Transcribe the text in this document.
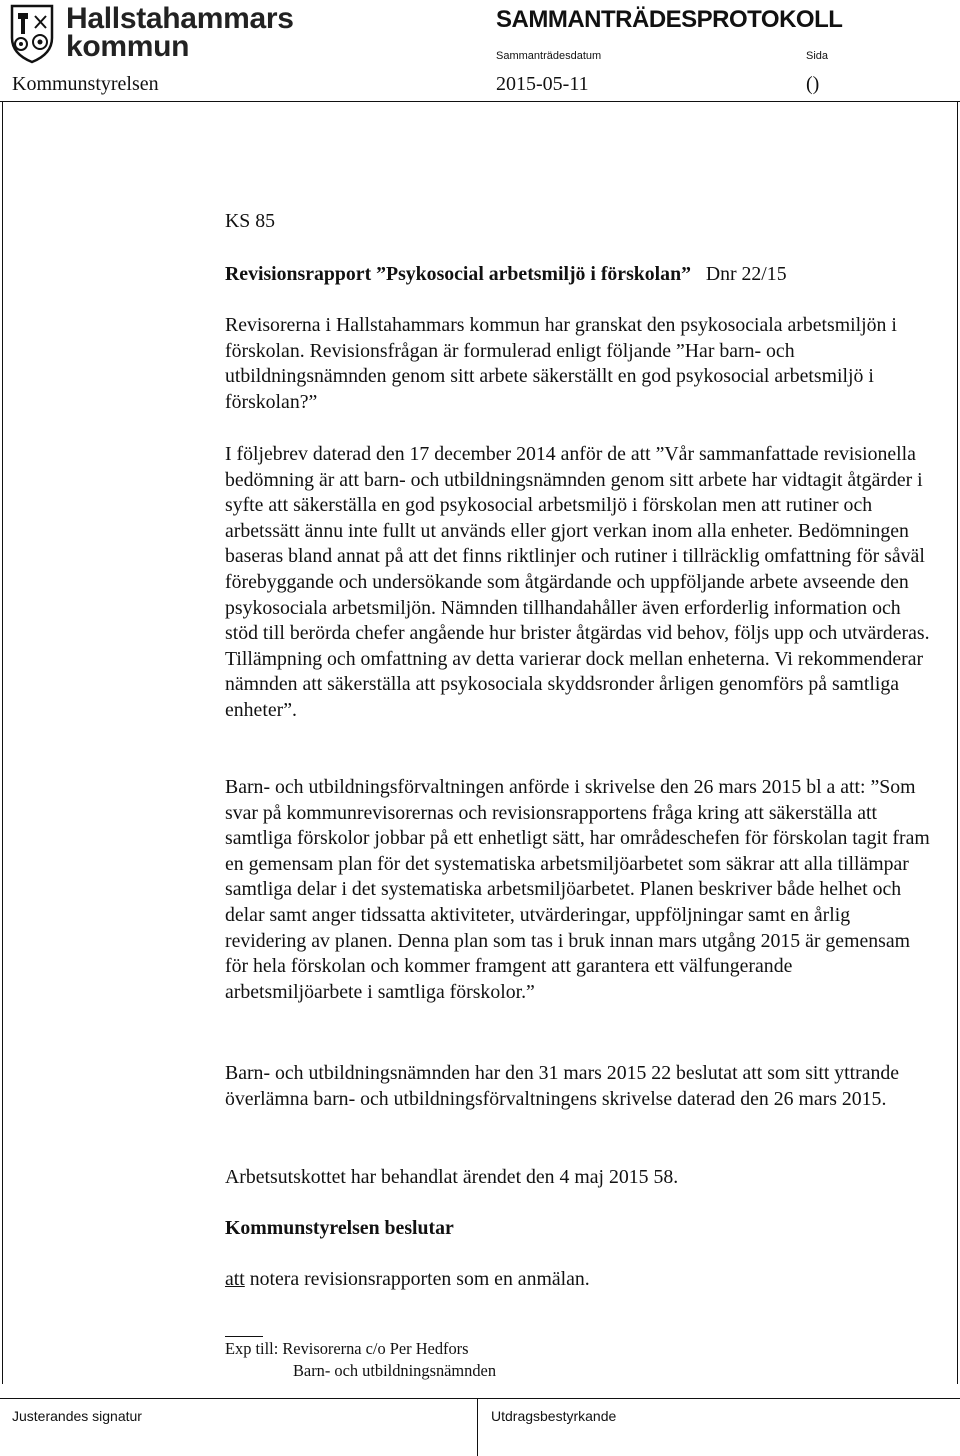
Hallstahammars
kommun
SAMMANTRÄDESPROTOKOLL
Sammanträdesdatum	Sida
Kommunstyrelsen	2015-05-11	()
KS 85
Revisionsrapport ”Psykosocial arbetsmiljö i förskolan” Dnr 22/15
Revisorerna i Hallstahammars kommun har granskat den psykosociala arbetsmiljön i förskolan. Revisionsfrågan är formulerad enligt följande ”Har barn- och utbildningsnämnden genom sitt arbete säkerställt en god psykosocial arbetsmiljö i förskolan?”
I följebrev daterad den 17 december 2014 anför de att ”Vår sammanfattade revisionella bedömning är att barn- och utbildningsnämnden genom sitt arbete har vidtagit åtgärder i syfte att säkerställa en god psykosocial arbetsmiljö i förskolan men att rutiner och arbetssätt ännu inte fullt ut används eller gjort verkan inom alla enheter. Bedömningen baseras bland annat på att det finns riktlinjer och rutiner i tillräcklig omfattning för såväl förebyggande och undersökande som åtgärdande och uppföljande arbete avseende den psykosociala arbetsmiljön. Nämnden tillhandahåller även erforderlig information och stöd till berörda chefer angående hur brister åtgärdas vid behov, följs upp och utvärderas. Tillämpning och omfattning av detta varierar dock mellan enheterna. Vi rekommenderar nämnden att säkerställa att psykosociala skyddsronder årligen genomförs på samtliga enheter”.
Barn- och utbildningsförvaltningen anförde i skrivelse den 26 mars 2015 bl a att: ”Som svar på kommunrevisorernas och revisionsrapportens fråga kring att säkerställa att samtliga förskolor jobbar på ett enhetligt sätt, har områdeschefen för förskolan tagit fram en gemensam plan för det systematiska arbetsmiljöarbetet som säkrar att alla tillämpar samtliga delar i det systematiska arbetsmiljöarbetet. Planen beskriver både helhet och delar samt anger tidssatta aktiviteter, utvärderingar, uppföljningar samt en årlig revidering av planen. Denna plan som tas i bruk innan mars utgång 2015 är gemensam för hela förskolan och kommer framgent att garantera ett välfungerande arbetsmiljöarbete i samtliga förskolor.”
Barn- och utbildningsnämnden har den 31 mars 2015 22 beslutat att som sitt yttrande överlämna barn- och utbildningsförvaltningens skrivelse daterad den 26 mars 2015.
Arbetsutskottet har behandlat ärendet den 4 maj 2015 58.
Kommunstyrelsen beslutar
att notera revisionsrapporten som en anmälan.
Exp till: Revisorerna c/o Per Hedfors
Barn- och utbildningsnämnden
Justerandes signatur	Utdragsbestyrkande
